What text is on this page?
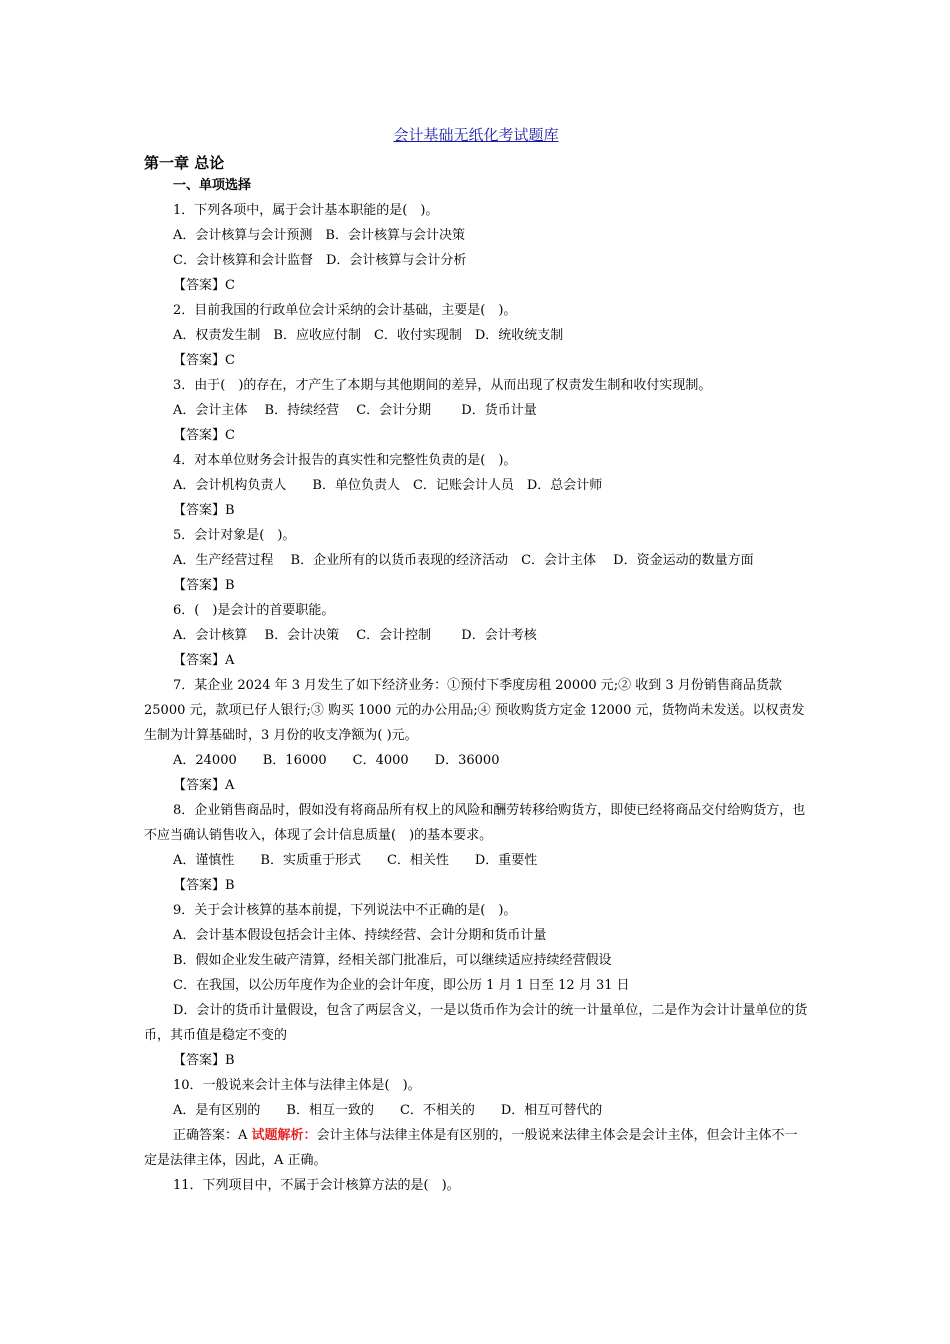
会计基础无纸化考试题库

第一章 总论

一、单项选择

1．下列各项中，属于会计基本职能的是(　)。

A．会计核算与会计预测　B．会计核算与会计决策

C．会计核算和会计监督　D．会计核算与会计分析

【答案】C

2．目前我国的行政单位会计采纳的会计基础，主要是(　)。

A．权责发生制　B．应收应付制　C．收付实现制　D．统收统支制

【答案】C

3．由于(　)的存在，才产生了本期与其他期间的差异，从而出现了权责发生制和收付实现制。

A．会计主体　 B．持续经营　 C．会计分期　　 D．货币计量

【答案】C

4．对本单位财务会计报告的真实性和完整性负责的是(　)。

A．会计机构负责人　　B．单位负责人　C．记账会计人员　D．总会计师

【答案】B

5．会计对象是(　)。

A．生产经营过程　 B．企业所有的以货币表现的经济活动　C．会计主体　 D．资金运动的数量方面

【答案】B

6．(　)是会计的首要职能。

A．会计核算　 B．会计决策　 C．会计控制　　 D．会计考核

【答案】A

7．某企业 2024 年 3 月发生了如下经济业务：①预付下季度房租 20000 元;② 收到 3 月份销售商品货款 25000 元，款项已仔人银行;③ 购买 1000 元的办公用品;④ 预收购货方定金 12000 元，货物尚未发送。以权责发生制为计算基础时，3 月份的收支净额为( )元。

A．24000　　B．16000　　C．4000　　D．36000

【答案】A

8．企业销售商品时，假如没有将商品所有权上的风险和酬劳转移给购货方，即使已经将商品交付给购货方，也不应当确认销售收入，体现了会计信息质量(　)的基本要求。

A．谨慎性　　B．实质重于形式　　C．相关性　　D．重要性

【答案】B

9．关于会计核算的基本前提，下列说法中不正确的是(　)。

A．会计基本假设包括会计主体、持续经营、会计分期和货币计量

B．假如企业发生破产清算，经相关部门批准后，可以继续适应持续经营假设

C．在我国，以公历年度作为企业的会计年度，即公历 1 月 1 日至 12 月 31 日

D．会计的货币计量假设，包含了两层含义，一是以货币作为会计的统一计量单位，二是作为会计计量单位的货币，其币值是稳定不变的

【答案】B

10．一般说来会计主体与法律主体是(　)。

A．是有区别的　　B．相互一致的　　C．不相关的　　D．相互可替代的

正确答案：A 试题解析：会计主体与法律主体是有区别的，一般说来法律主体会是会计主体，但会计主体不一定是法律主体，因此，A 正确。

11．下列项目中，不属于会计核算方法的是(　)。
